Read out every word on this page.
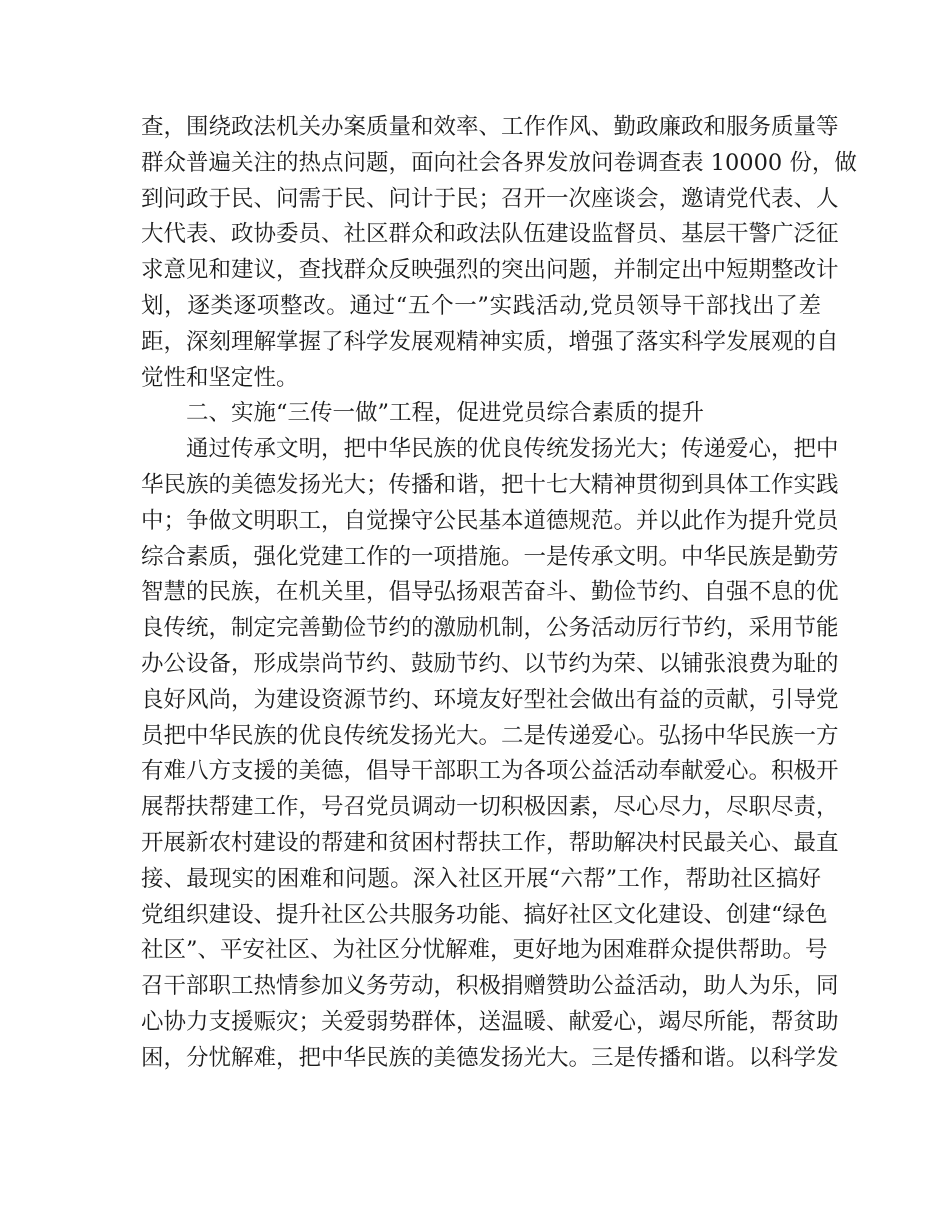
查，围绕政法机关办案质量和效率、工作作风、勤政廉政和服务质量等
群众普遍关注的热点问题，面向社会各界发放问卷调查表 10000 份，做
到问政于民、问需于民、问计于民；召开一次座谈会，邀请党代表、人
大代表、政协委员、社区群众和政法队伍建设监督员、基层干警广泛征
求意见和建议，查找群众反映强烈的突出问题，并制定出中短期整改计
划，逐类逐项整改。通过“五个一”实践活动,党员领导干部找出了差
距，深刻理解掌握了科学发展观精神实质，增强了落实科学发展观的自
觉性和坚定性。
二、实施“三传一做”工程，促进党员综合素质的提升
通过传承文明，把中华民族的优良传统发扬光大；传递爱心，把中
华民族的美德发扬光大；传播和谐，把十七大精神贯彻到具体工作实践
中；争做文明职工，自觉操守公民基本道德规范。并以此作为提升党员
综合素质，强化党建工作的一项措施。一是传承文明。中华民族是勤劳
智慧的民族，在机关里，倡导弘扬艰苦奋斗、勤俭节约、自强不息的优
良传统，制定完善勤俭节约的激励机制，公务活动厉行节约，采用节能
办公设备，形成崇尚节约、鼓励节约、以节约为荣、以铺张浪费为耻的
良好风尚，为建设资源节约、环境友好型社会做出有益的贡献，引导党
员把中华民族的优良传统发扬光大。二是传递爱心。弘扬中华民族一方
有难八方支援的美德，倡导干部职工为各项公益活动奉献爱心。积极开
展帮扶帮建工作，号召党员调动一切积极因素，尽心尽力，尽职尽责，
开展新农村建设的帮建和贫困村帮扶工作，帮助解决村民最关心、最直
接、最现实的困难和问题。深入社区开展“六帮”工作，帮助社区搞好
党组织建设、提升社区公共服务功能、搞好社区文化建设、创建“绿色
社区”、平安社区、为社区分忧解难，更好地为困难群众提供帮助。号
召干部职工热情参加义务劳动，积极捐赠赞助公益活动，助人为乐，同
心协力支援赈灾；关爱弱势群体，送温暖、献爱心，竭尽所能，帮贫助
困，分忧解难，把中华民族的美德发扬光大。三是传播和谐。以科学发
